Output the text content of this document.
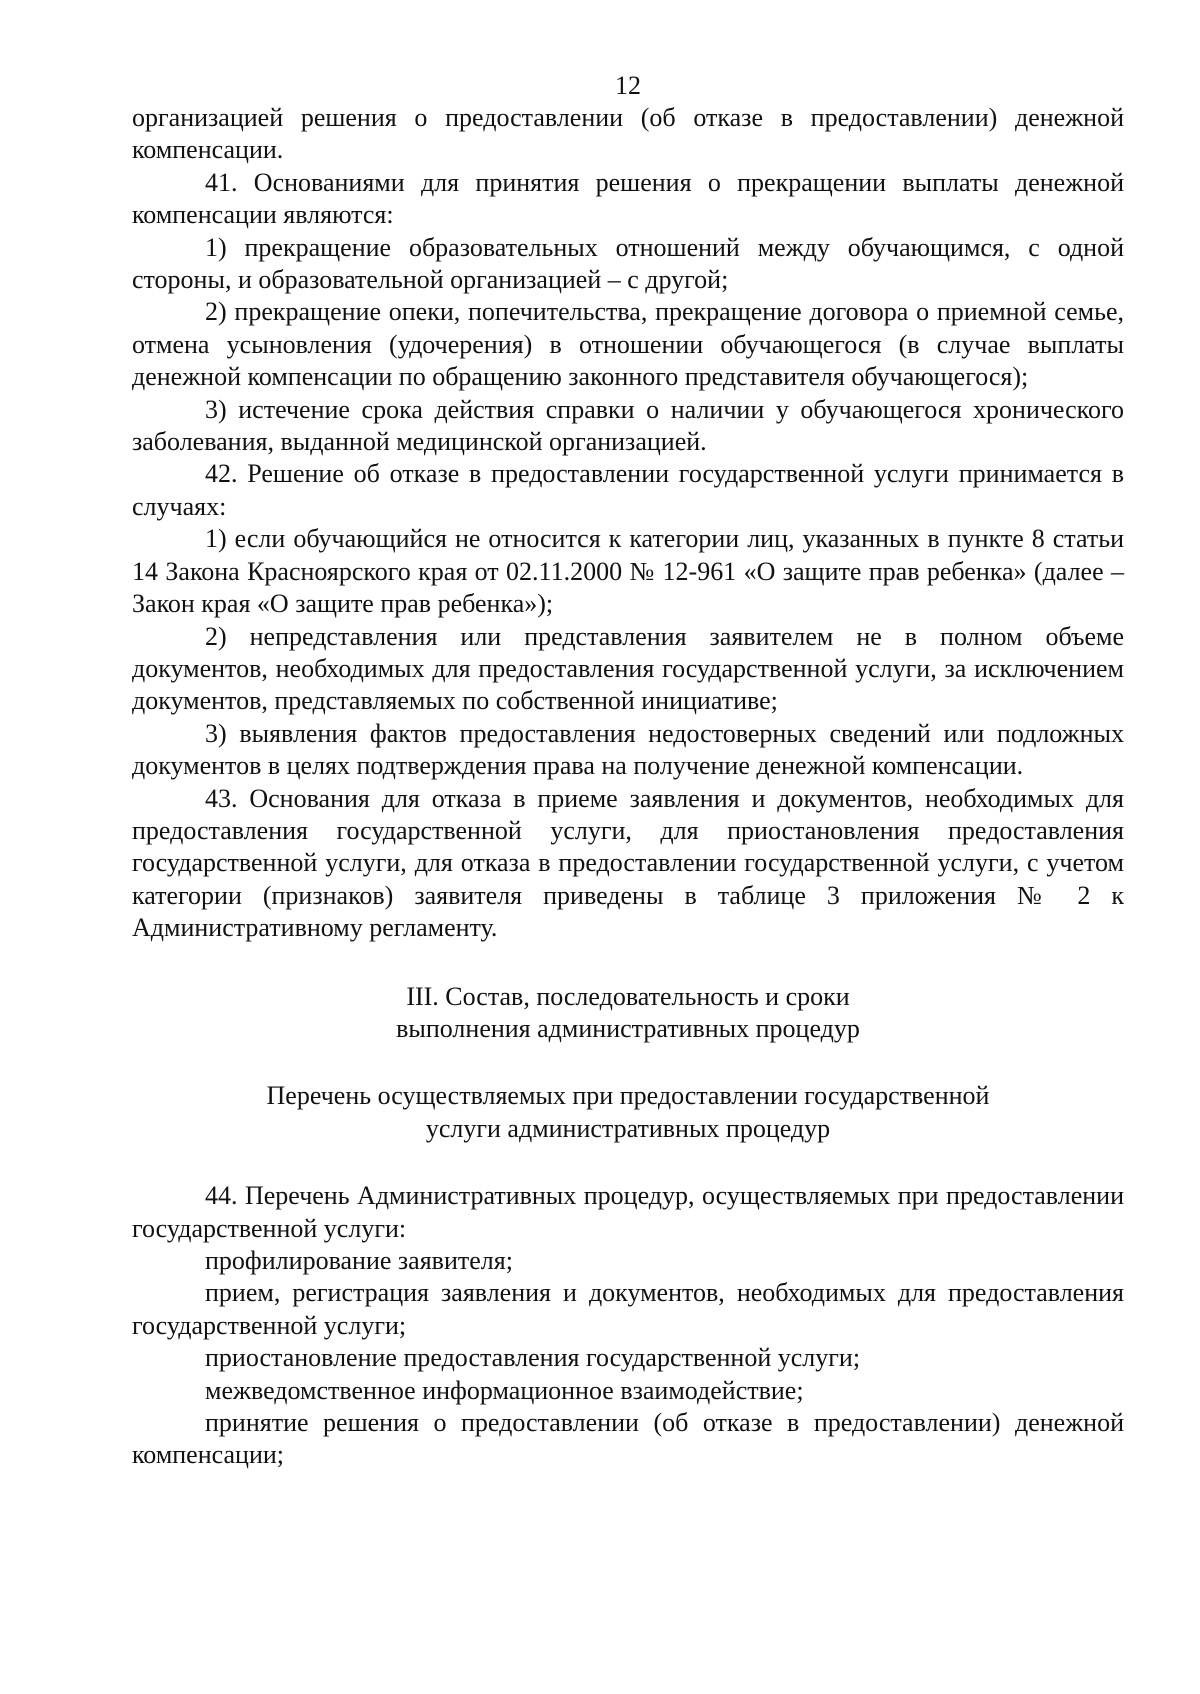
12

организацией решения о предоставлении (об отказе в предоставлении) денежной компенсации.

41. Основаниями для принятия решения о прекращении выплаты денежной компенсации являются:

1) прекращение образовательных отношений между обучающимся, с одной стороны, и образовательной организацией – с другой;

2) прекращение опеки, попечительства, прекращение договора о приемной семье, отмена усыновления (удочерения) в отношении обучающегося (в случае выплаты денежной компенсации по обращению законного представителя обучающегося);

3) истечение срока действия справки о наличии у обучающегося хронического заболевания, выданной медицинской организацией.

42. Решение об отказе в предоставлении государственной услуги принимается в случаях:

1) если обучающийся не относится к категории лиц, указанных в пункте 8 статьи 14 Закона Красноярского края от 02.11.2000 № 12-961 «О защите прав ребенка» (далее – Закон края «О защите прав ребенка»);

2) непредставления или представления заявителем не в полном объеме документов, необходимых для предоставления государственной услуги, за исключением документов, представляемых по собственной инициативе;

3) выявления фактов предоставления недостоверных сведений или подложных документов в целях подтверждения права на получение денежной компенсации.

43. Основания для отказа в приеме заявления и документов, необходимых для предоставления государственной услуги, для приостановления предоставления государственной услуги, для отказа в предоставлении государственной услуги, с учетом категории (признаков) заявителя приведены в таблице 3 приложения № 2 к Административному регламенту.

III. Состав, последовательность и сроки
выполнения административных процедур
Перечень осуществляемых при предоставлении государственной
услуги административных процедур

44. Перечень Административных процедур, осуществляемых при предоставлении государственной услуги:

профилирование заявителя;

прием, регистрация заявления и документов, необходимых для предоставления государственной услуги;

приостановление предоставления государственной услуги;

межведомственное информационное взаимодействие;

принятие решения о предоставлении (об отказе в предоставлении) денежной компенсации;
